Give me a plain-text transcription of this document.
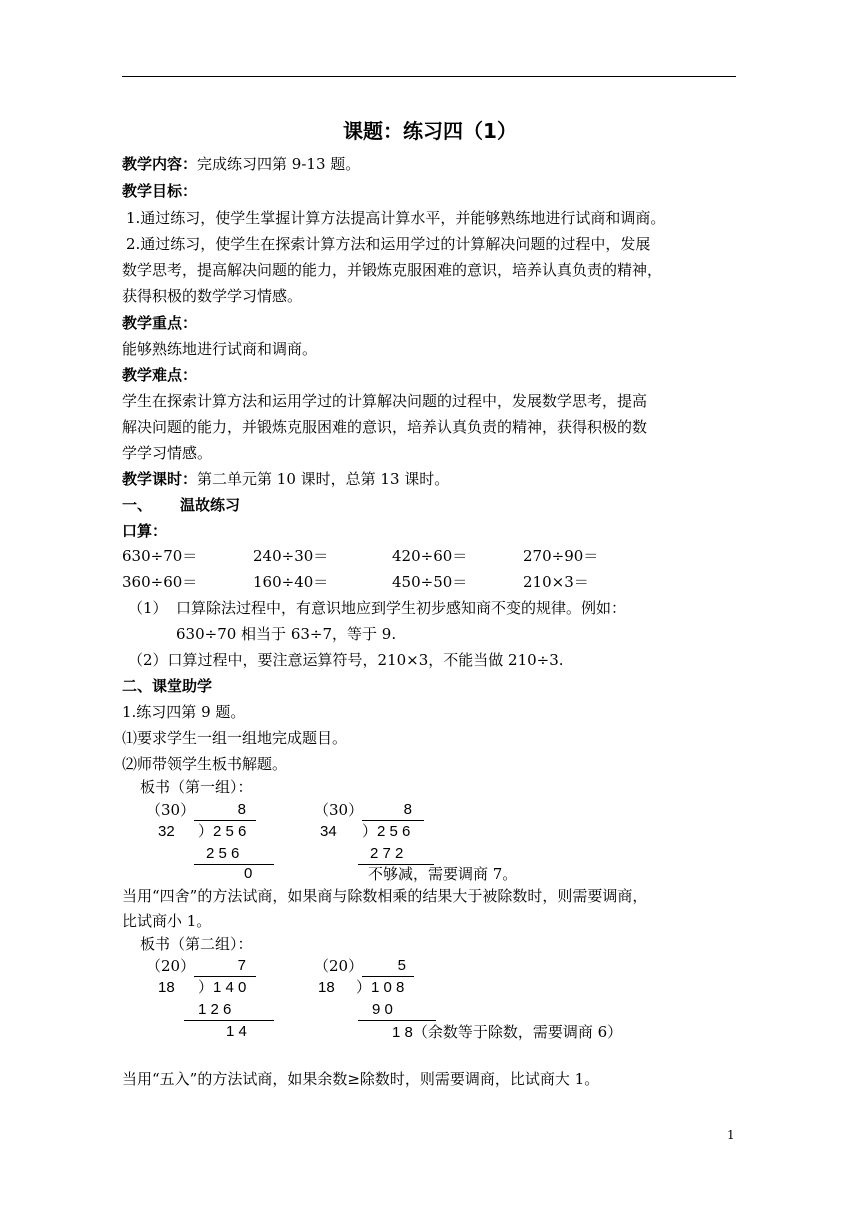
课题：练习四（1）
教学内容：完成练习四第 9-13 题。
教学目标：
1.通过练习，使学生掌握计算方法提高计算水平，并能够熟练地进行试商和调商。
2.通过练习，使学生在探索计算方法和运用学过的计算解决问题的过程中，发展
数学思考，提高解决问题的能力，并锻炼克服困难的意识，培养认真负责的精神，
获得积极的数学学习情感。
教学重点：
能够熟练地进行试商和调商。
教学难点：
学生在探索计算方法和运用学过的计算解决问题的过程中，发展数学思考，提高
解决问题的能力，并锻炼克服困难的意识，培养认真负责的精神，获得积极的数
学学习情感。
教学课时：第二单元第 10 课时，总第 13 课时。
一、 温故练习
口算：
630÷70＝	240÷30＝	420÷60＝	270÷90＝
360÷60＝	160÷40＝	450÷50＝	210×3＝
（1） 口算除法过程中，有意识地应到学生初步感知商不变的规律。例如：
630÷70 相当于 63÷7，等于 9.
（2）口算过程中，要注意运算符号，210×3，不能当做 210÷3.
二、课堂助学
1.练习四第 9 题。
⑴要求学生一组一组地完成题目。
⑵师带领学生板书解题。
板书（第一组）：
（30）	8
32 ）2 5 6
2 5 6
0
（30）	8
34 ）2 5 6
2 7 2
不够减，需要调商 7。
当用“四舍”的方法试商，如果商与除数相乘的结果大于被除数时，则需要调商，
比试商小 1。
板书（第二组）：
（20）	7
18 ）1 4 0
1 2 6
1 4
（20）	5
18 ）1 0 8
9 0
1 8（余数等于除数，需要调商 6）
当用“五入”的方法试商，如果余数≥除数时，则需要调商，比试商大 1。
1
